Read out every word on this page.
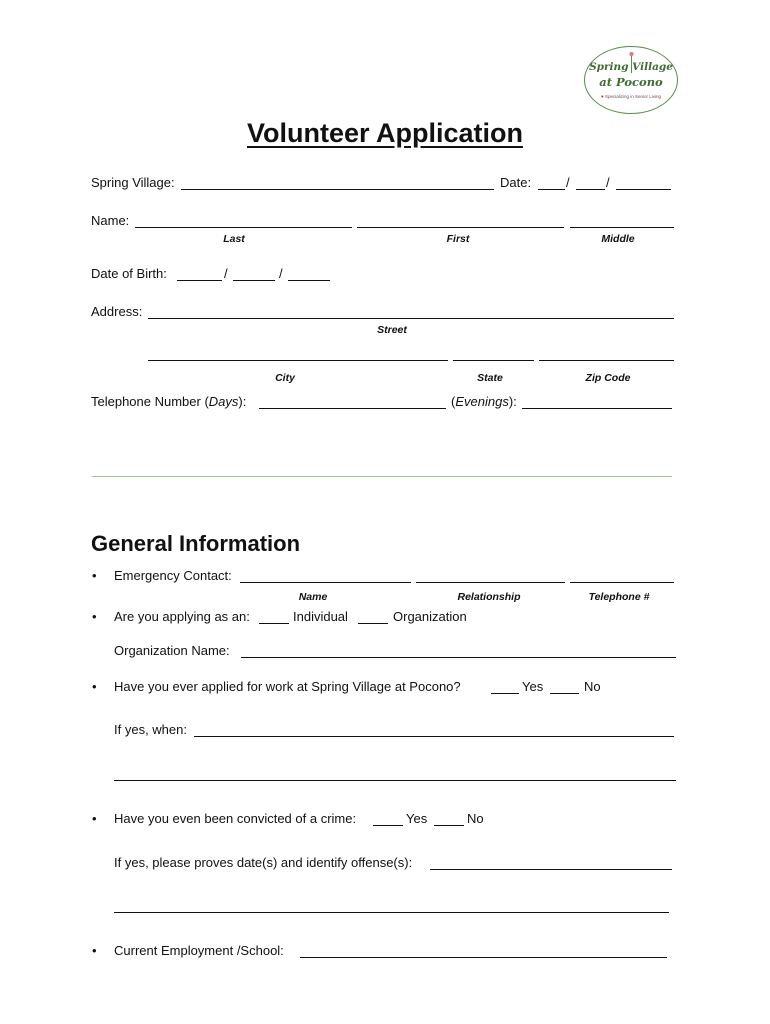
Spring Village
at Pocono
♥ Specializing in Senior Living
Volunteer Application
Spring Village:	Date:	/	/
Name:
Last	First	Middle
Date of Birth:	/	/
Address:
Street
City	State	Zip Code
Telephone Number (Days):	(Evenings):
General Information
• Emergency Contact:
Name	Relationship	Telephone #
• Are you applying as an:	Individual	Organization
Organization Name:
• Have you ever applied for work at Spring Village at Pocono?	Yes	No
If yes, when:
• Have you even been convicted of a crime:	Yes	No
If yes, please proves date(s) and identify offense(s):
• Current Employment /School:
